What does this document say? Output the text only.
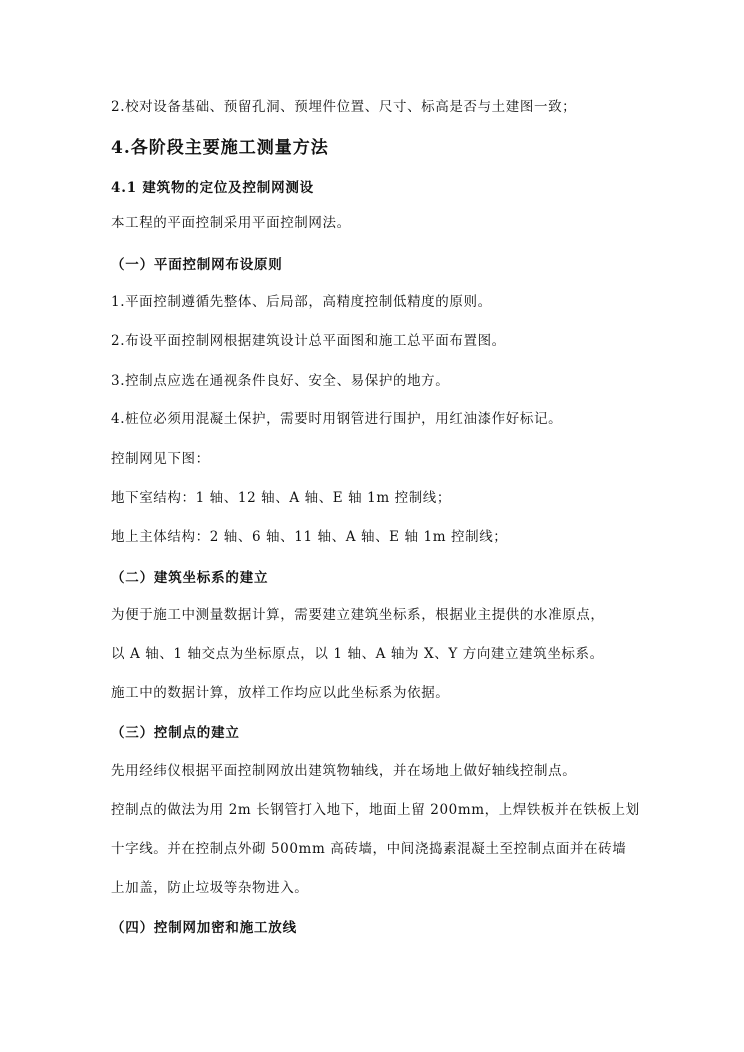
2.校对设备基础、预留孔洞、预埋件位置、尺寸、标高是否与土建图一致；
4.各阶段主要施工测量方法
4.1 建筑物的定位及控制网测设
本工程的平面控制采用平面控制网法。
（一）平面控制网布设原则
1.平面控制遵循先整体、后局部，高精度控制低精度的原则。
2.布设平面控制网根据建筑设计总平面图和施工总平面布置图。
3.控制点应选在通视条件良好、安全、易保护的地方。
4.桩位必须用混凝土保护，需要时用钢管进行围护，用红油漆作好标记。
控制网见下图：
地下室结构：1 轴、12 轴、A 轴、E 轴 1m 控制线；
地上主体结构：2 轴、6 轴、11 轴、A 轴、E 轴 1m 控制线；
（二）建筑坐标系的建立
为便于施工中测量数据计算，需要建立建筑坐标系，根据业主提供的水准原点，
以 A 轴、1 轴交点为坐标原点，以 1 轴、A 轴为 X、Y 方向建立建筑坐标系。
施工中的数据计算，放样工作均应以此坐标系为依据。
（三）控制点的建立
先用经纬仪根据平面控制网放出建筑物轴线，并在场地上做好轴线控制点。
控制点的做法为用 2m 长钢管打入地下，地面上留 200mm，上焊铁板并在铁板上划
十字线。并在控制点外砌 500mm 高砖墙，中间浇捣素混凝土至控制点面并在砖墙
上加盖，防止垃圾等杂物进入。
（四）控制网加密和施工放线
